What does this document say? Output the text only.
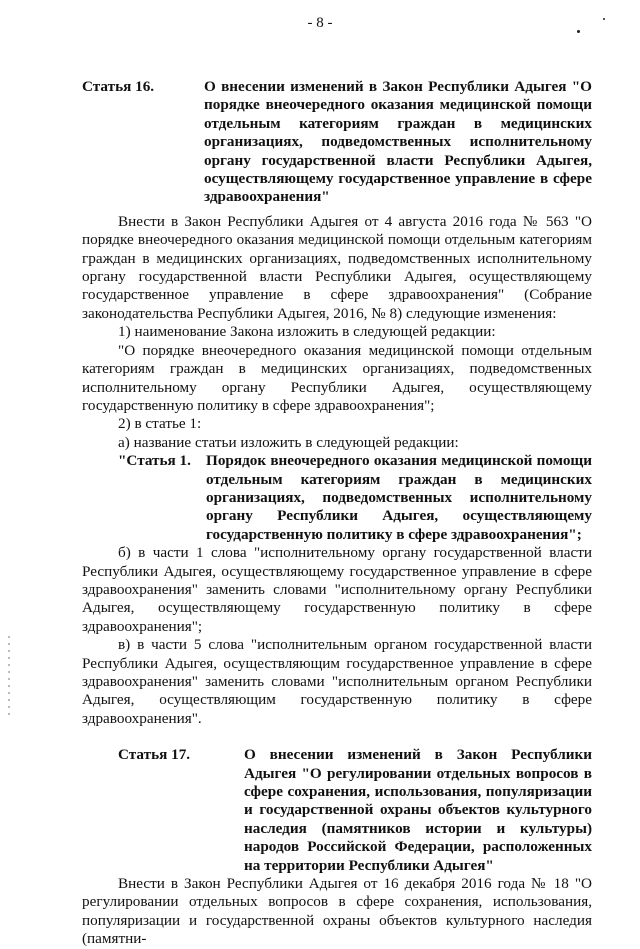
- 8 -
Статья 16.	О внесении изменений в Закон Республики Адыгея "О порядке внеочередного оказания медицинской помощи отдельным категориям граждан в медицинских организациях, подведомственных исполнительному органу государственной власти Республики Адыгея, осуществляющему государственное управление в сфере здравоохранения"

Внести в Закон Республики Адыгея от 4 августа 2016 года № 563 "О порядке внеочередного оказания медицинской помощи отдельным категориям граждан в медицинских организациях, подведомственных исполнительному органу государственной власти Республики Адыгея, осуществляющему государственное управление в сфере здравоохранения" (Собрание законодательства Республики Адыгея, 2016, № 8) следующие изменения:

1) наименование Закона изложить в следующей редакции:

"О порядке внеочередного оказания медицинской помощи отдельным категориям граждан в медицинских организациях, подведомственных исполнительному органу Республики Адыгея, осуществляющему государственную политику в сфере здравоохранения";

2) в статье 1:

а) название статьи изложить в следующей редакции:

"Статья 1. Порядок внеочередного оказания медицинской помощи отдельным категориям граждан в медицинских организациях, подведомственных исполнительному органу Республики Адыгея, осуществляющему государственную политику в сфере здравоохранения";

б) в части 1 слова "исполнительному органу государственной власти Республики Адыгея, осуществляющему государственное управление в сфере здравоохранения" заменить словами "исполнительному органу Республики Адыгея, осуществляющему государственную политику в сфере здравоохранения";

в) в части 5 слова "исполнительным органом государственной власти Республики Адыгея, осуществляющим государственное управление в сфере здравоохранения" заменить словами "исполнительным органом Республики Адыгея, осуществляющим государственную политику в сфере здравоохранения".

Статья 17.	О внесении изменений в Закон Республики Адыгея "О регулировании отдельных вопросов в сфере сохранения, использования, популяризации и государственной охраны объектов культурного наследия (памятников истории и культуры) народов Российской Федерации, расположенных на территории Республики Адыгея"

Внести в Закон Республики Адыгея от 16 декабря 2016 года № 18 "О регулировании отдельных вопросов в сфере сохранения, использования, популяризации и государственной охраны объектов культурного наследия (памятни-
